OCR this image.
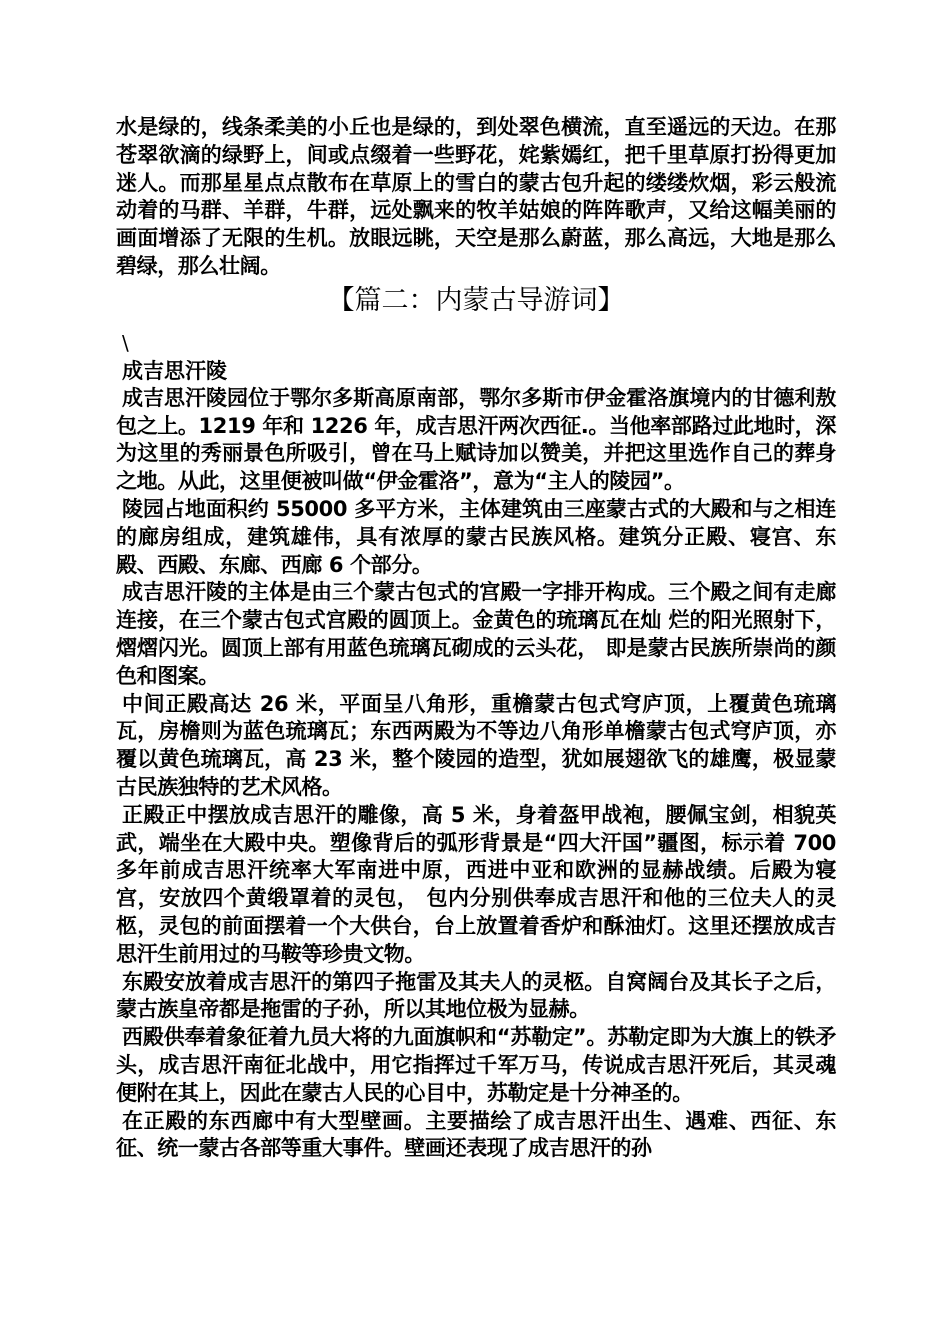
水是绿的，线条柔美的小丘也是绿的，到处翠色横流，直至遥远的天边。在那苍翠欲滴的绿野上，间或点缀着一些野花，姹紫嫣红，把千里草原打扮得更加迷人。而那星星点点散布在草原上的雪白的蒙古包升起的缕缕炊烟，彩云般流动着的马群、羊群，牛群，远处飘来的牧羊姑娘的阵阵歌声，又给这幅美丽的画面增添了无限的生机。放眼远眺，天空是那么蔚蓝，那么高远，大地是那么碧绿，那么壮阔。

【篇二：内蒙古导游词】
\
成吉思汗陵

成吉思汗陵园位于鄂尔多斯高原南部，鄂尔多斯市伊金霍洛旗境内的甘德利敖包之上。1219 年和 1226 年，成吉思汗两次西征.。当他率部路过此地时，深为这里的秀丽景色所吸引，曾在马上赋诗加以赞美，并把这里选作自己的葬身之地。从此，这里便被叫做“伊金霍洛”，意为“主人的陵园”。

陵园占地面积约 55000 多平方米，主体建筑由三座蒙古式的大殿和与之相连的廊房组成，建筑雄伟，具有浓厚的蒙古民族风格。建筑分正殿、寝宫、东殿、西殿、东廊、西廊 6 个部分。

成吉思汗陵的主体是由三个蒙古包式的宫殿一字排开构成。三个殿之间有走廊连接，在三个蒙古包式宫殿的圆顶上。金黄色的琉璃瓦在灿 烂的阳光照射下，熠熠闪光。圆顶上部有用蓝色琉璃瓦砌成的云头花， 即是蒙古民族所崇尚的颜色和图案。

中间正殿高达 26 米，平面呈八角形，重檐蒙古包式穹庐顶，上覆黄色琉璃瓦，房檐则为蓝色琉璃瓦；东西两殿为不等边八角形单檐蒙古包式穹庐顶，亦覆以黄色琉璃瓦，高 23 米，整个陵园的造型，犹如展翅欲飞的雄鹰，极显蒙古民族独特的艺术风格。

正殿正中摆放成吉思汗的雕像，高 5 米，身着盔甲战袍，腰佩宝剑，相貌英武，端坐在大殿中央。塑像背后的弧形背景是“四大汗国”疆图，标示着 700 多年前成吉思汗统率大军南进中原，西进中亚和欧洲的显赫战绩。后殿为寝宫，安放四个黄缎罩着的灵包， 包内分别供奉成吉思汗和他的三位夫人的灵柩，灵包的前面摆着一个大供台，台上放置着香炉和酥油灯。这里还摆放成吉思汗生前用过的马鞍等珍贵文物。

东殿安放着成吉思汗的第四子拖雷及其夫人的灵柩。自窝阔台及其长子之后，蒙古族皇帝都是拖雷的子孙，所以其地位极为显赫。

西殿供奉着象征着九员大将的九面旗帜和“苏勒定”。苏勒定即为大旗上的铁矛头，成吉思汗南征北战中，用它指挥过千军万马，传说成吉思汗死后，其灵魂便附在其上，因此在蒙古人民的心目中，苏勒定是十分神圣的。

在正殿的东西廊中有大型壁画。主要描绘了成吉思汗出生、遇难、西征、东征、统一蒙古各部等重大事件。壁画还表现了成吉思汗的孙
